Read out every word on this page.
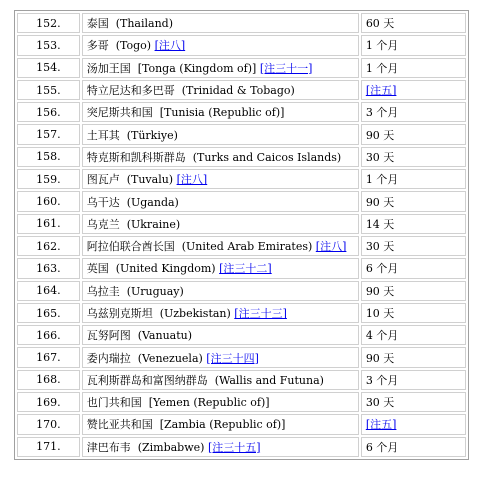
152.	泰国 (Thailand)	60 天
153.	多哥 (Togo) [注八]	1 个月
154.	汤加王国 [Tonga (Kingdom of)] [注三十一]	1 个月
155.	特立尼达和多巴哥 (Trinidad & Tobago)	[注五]
156.	突尼斯共和国 [Tunisia (Republic of)]	3 个月
157.	土耳其 (Türkiye)	90 天
158.	特克斯和凯科斯群岛 (Turks and Caicos Islands)	30 天
159.	图瓦卢 (Tuvalu) [注八]	1 个月
160.	乌干达 (Uganda)	90 天
161.	乌克兰 (Ukraine)	14 天
162.	阿拉伯联合酋长国 (United Arab Emirates) [注八]	30 天
163.	英国 (United Kingdom) [注三十二]	6 个月
164.	乌拉圭 (Uruguay)	90 天
165.	乌兹别克斯坦 (Uzbekistan) [注三十三]	10 天
166.	瓦努阿图 (Vanuatu)	4 个月
167.	委内瑞拉 (Venezuela) [注三十四]	90 天
168.	瓦利斯群岛和富图纳群岛 (Wallis and Futuna)	3 个月
169.	也门共和国 [Yemen (Republic of)]	30 天
170.	赞比亚共和国 [Zambia (Republic of)]	[注五]
171.	津巴布韦 (Zimbabwe) [注三十五]	6 个月
